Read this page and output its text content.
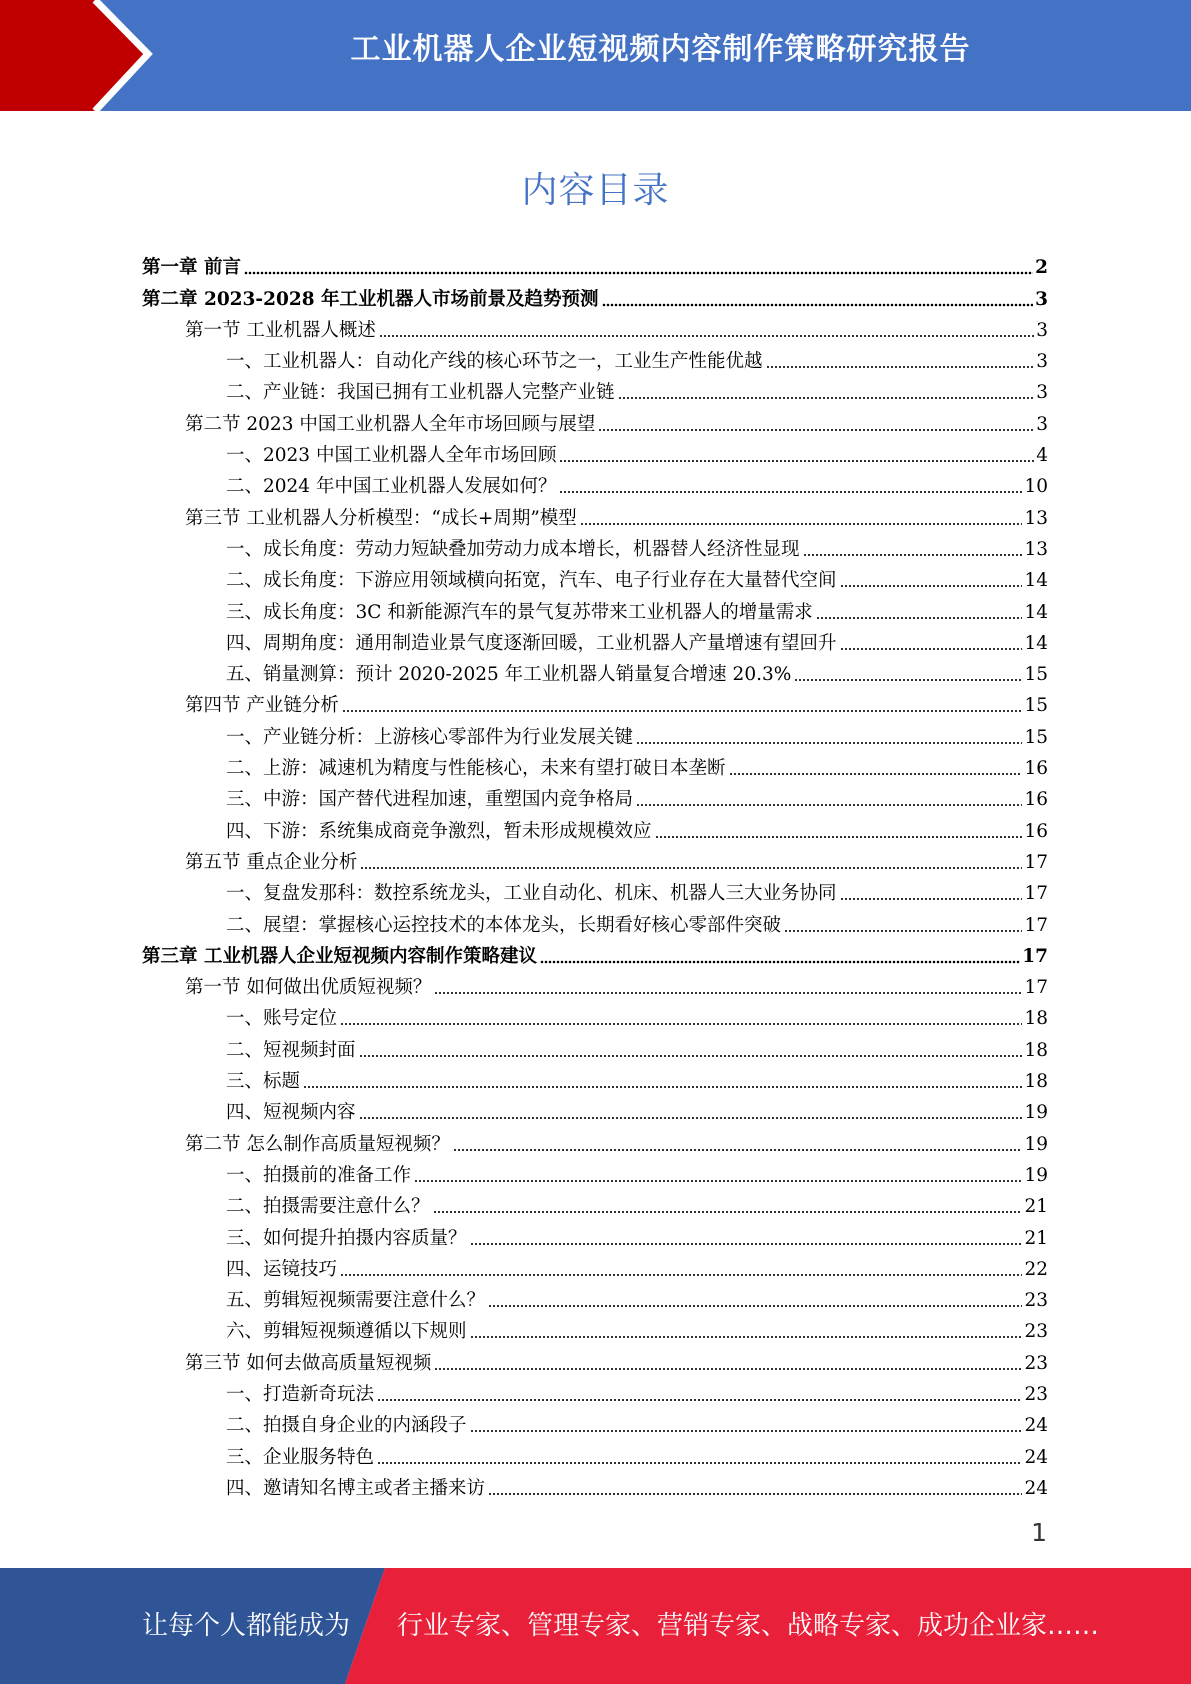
工业机器人企业短视频内容制作策略研究报告
内容目录
第一章 前言	2
第二章 2023-2028 年工业机器人市场前景及趋势预测	3
第一节 工业机器人概述	3
一、工业机器人：自动化产线的核心环节之一，工业生产性能优越	3
二、产业链：我国已拥有工业机器人完整产业链	3
第二节 2023 中国工业机器人全年市场回顾与展望	3
一、2023 中国工业机器人全年市场回顾	4
二、2024 年中国工业机器人发展如何？	10
第三节 工业机器人分析模型：“成长+周期”模型	13
一、成长角度：劳动力短缺叠加劳动力成本增长，机器替人经济性显现	13
二、成长角度：下游应用领域横向拓宽，汽车、电子行业存在大量替代空间	14
三、成长角度：3C 和新能源汽车的景气复苏带来工业机器人的增量需求	14
四、周期角度：通用制造业景气度逐渐回暖，工业机器人产量增速有望回升	14
五、销量测算：预计 2020-2025 年工业机器人销量复合增速 20.3%	15
第四节 产业链分析	15
一、产业链分析：上游核心零部件为行业发展关键	15
二、上游：减速机为精度与性能核心，未来有望打破日本垄断	16
三、中游：国产替代进程加速，重塑国内竞争格局	16
四、下游：系统集成商竞争激烈，暂未形成规模效应	16
第五节 重点企业分析	17
一、复盘发那科：数控系统龙头，工业自动化、机床、机器人三大业务协同	17
二、展望：掌握核心运控技术的本体龙头，长期看好核心零部件突破	17
第三章 工业机器人企业短视频内容制作策略建议	17
第一节 如何做出优质短视频？	17
一、账号定位	18
二、短视频封面	18
三、标题	18
四、短视频内容	19
第二节 怎么制作高质量短视频？	19
一、拍摄前的准备工作	19
二、拍摄需要注意什么？	21
三、如何提升拍摄内容质量？	21
四、运镜技巧	22
五、剪辑短视频需要注意什么？	23
六、剪辑短视频遵循以下规则	23
第三节 如何去做高质量短视频	23
一、打造新奇玩法	23
二、拍摄自身企业的内涵段子	24
三、企业服务特色	24
四、邀请知名博主或者主播来访	24
1
让每个人都能成为 行业专家、管理专家、营销专家、战略专家、成功企业家……
